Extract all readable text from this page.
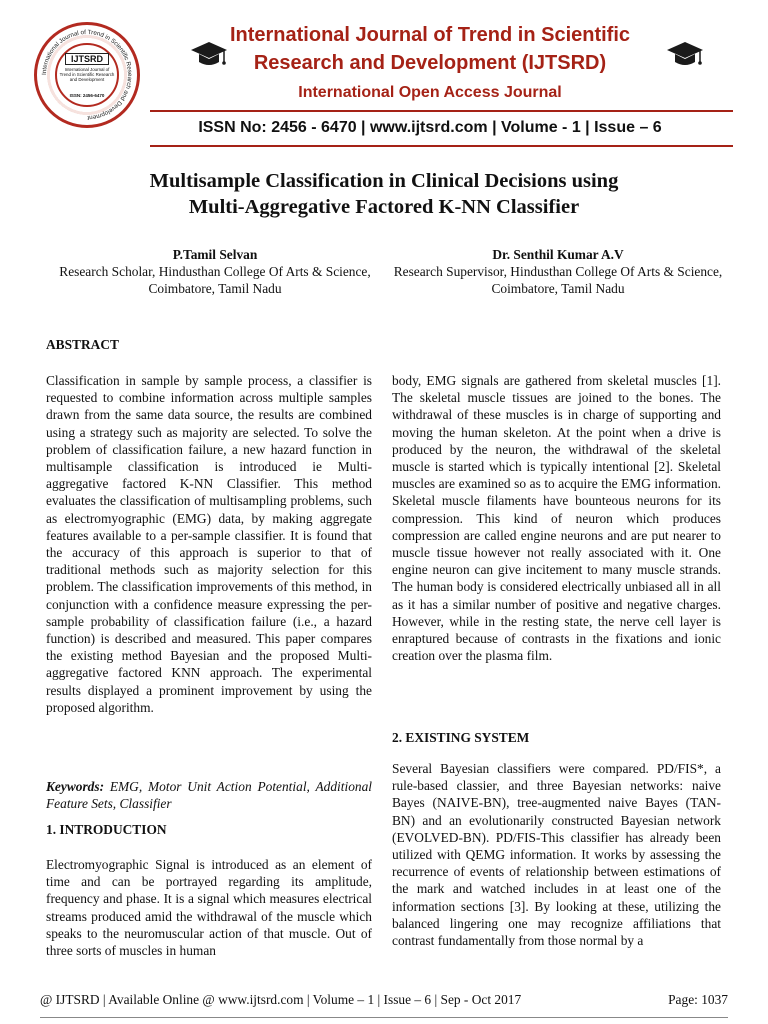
International Journal of Trend in Scientific Research and Development
IJTSRD
International Journal of Trend in Scientific Research and Development
ISSN: 2456-6470
International Journal of Trend in Scientific
Research and Development (IJTSRD)
International Open Access Journal
ISSN No: 2456 - 6470 | www.ijtsrd.com | Volume - 1 | Issue – 6
Multisample Classification in Clinical Decisions using
Multi-Aggregative Factored K-NN Classifier
P.Tamil Selvan
Research Scholar, Hindusthan College Of Arts & Science, Coimbatore, Tamil Nadu
Dr. Senthil Kumar A.V
Research Supervisor, Hindusthan College Of Arts & Science, Coimbatore, Tamil Nadu
ABSTRACT
Classification in sample by sample process, a classifier is requested to combine information across multiple samples drawn from the same data source, the results are combined using a strategy such as majority are selected. To solve the problem of classification failure, a new hazard function in multisample classification is introduced ie Multi-aggregative factored K-NN Classifier. This method evaluates the classification of multisampling problems, such as electromyographic (EMG) data, by making aggregate features available to a per-sample classifier. It is found that the accuracy of this approach is superior to that of traditional methods such as majority selection for this problem. The classification improvements of this method, in conjunction with a confidence measure expressing the per-sample probability of classification failure (i.e., a hazard function) is described and measured. This paper compares the existing method Bayesian and the proposed Multi-aggregative factored KNN approach. The experimental results displayed a prominent improvement by using the proposed algorithm.
Keywords: EMG, Motor Unit Action Potential, Additional Feature Sets, Classifier
1. INTRODUCTION
Electromyographic Signal is introduced as an element of time and can be portrayed regarding its amplitude, frequency and phase. It is a signal which measures electrical streams produced amid the withdrawal of the muscle which speaks to the neuromuscular action of that muscle. Out of three sorts of muscles in human
body, EMG signals are gathered from skeletal muscles [1]. The skeletal muscle tissues are joined to the bones. The withdrawal of these muscles is in charge of supporting and moving the human skeleton. At the point when a drive is produced by the neuron, the withdrawal of the skeletal muscle is started which is typically intentional [2]. Skeletal muscles are examined so as to acquire the EMG information. Skeletal muscle filaments have bounteous neurons for its compression. This kind of neuron which produces compression are called engine neurons and are put nearer to muscle tissue however not really associated with it. One engine neuron can give incitement to many muscle strands. The human body is considered electrically unbiased all in all as it has a similar number of positive and negative charges. However, while in the resting state, the nerve cell layer is enraptured because of contrasts in the fixations and ionic creation over the plasma film.
2. EXISTING SYSTEM
Several Bayesian classifiers were compared. PD/FIS*, a rule-based classier, and three Bayesian networks: naive Bayes (NAIVE-BN), tree-augmented naive Bayes (TAN-BN) and an evolutionarily constructed Bayesian network (EVOLVED-BN). PD/FIS-This classifier has already been utilized with QEMG information. It works by assessing the recurrence of events of relationship between estimations of the mark and watched includes in at least one of the information sections [3]. By looking at these, utilizing the balanced lingering one may recognize affiliations that contrast fundamentally from those normal by a
@ IJTSRD | Available Online @ www.ijtsrd.com | Volume – 1 | Issue – 6 | Sep - Oct 2017	Page: 1037
